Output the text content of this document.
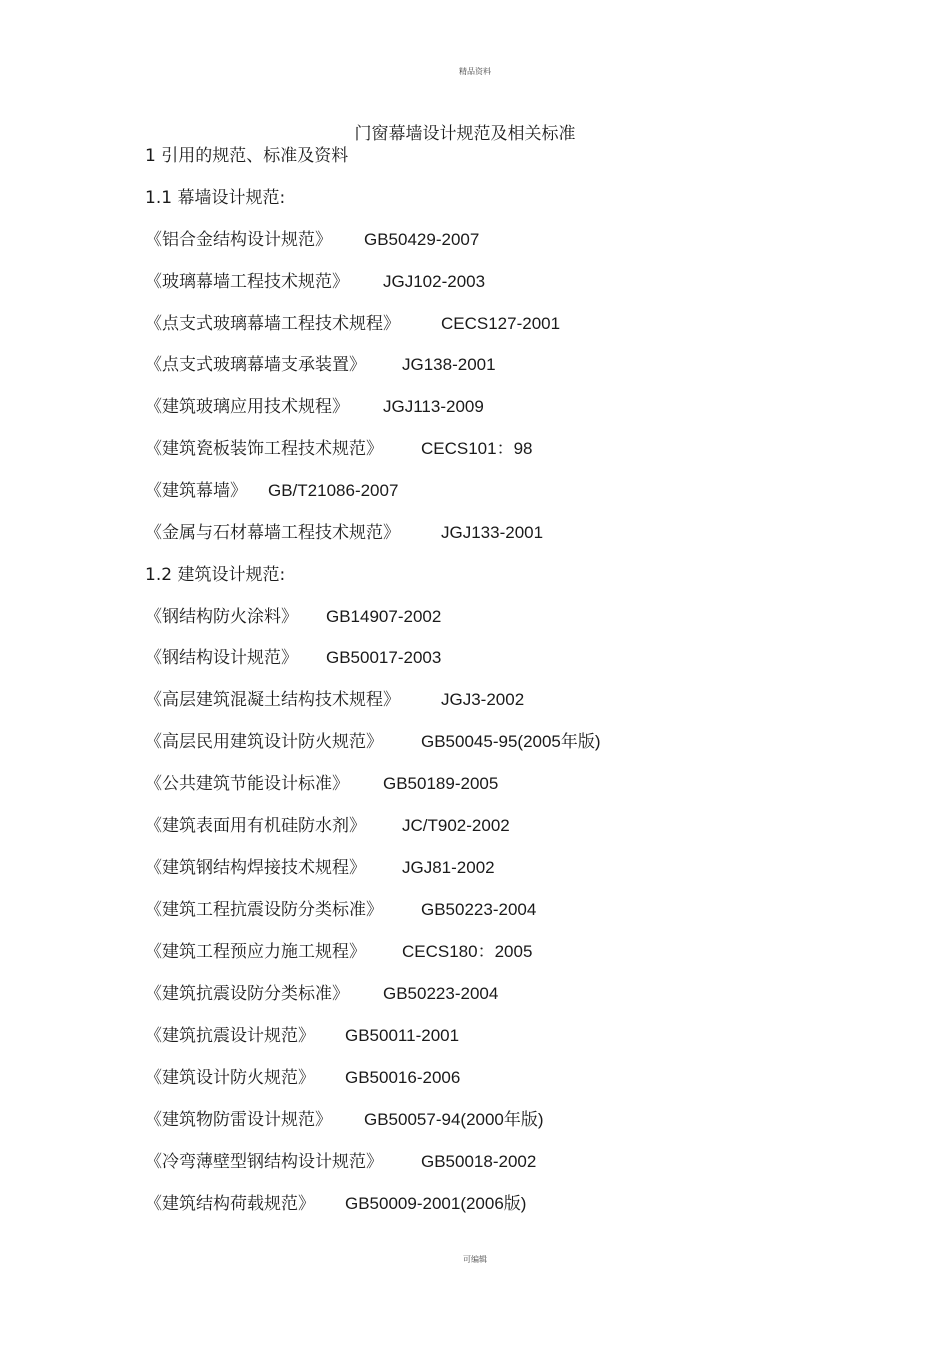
精品资料
门窗幕墙设计规范及相关标准
1 引用的规范、标准及资料
1.1 幕墙设计规范:
《铝合金结构设计规范》 GB50429-2007
《玻璃幕墙工程技术规范》 JGJ102-2003
《点支式玻璃幕墙工程技术规程》 CECS127-2001
《点支式玻璃幕墙支承装置》 JG138-2001
《建筑玻璃应用技术规程》 JGJ113-2009
《建筑瓷板装饰工程技术规范》 CECS101：98
《建筑幕墙》 GB/T21086-2007
《金属与石材幕墙工程技术规范》 JGJ133-2001
1.2 建筑设计规范:
《钢结构防火涂料》 GB14907-2002
《钢结构设计规范》 GB50017-2003
《高层建筑混凝土结构技术规程》 JGJ3-2002
《高层民用建筑设计防火规范》 GB50045-95(2005年版)
《公共建筑节能设计标准》 GB50189-2005
《建筑表面用有机硅防水剂》 JC/T902-2002
《建筑钢结构焊接技术规程》 JGJ81-2002
《建筑工程抗震设防分类标准》 GB50223-2004
《建筑工程预应力施工规程》 CECS180：2005
《建筑抗震设防分类标准》 GB50223-2004
《建筑抗震设计规范》 GB50011-2001
《建筑设计防火规范》 GB50016-2006
《建筑物防雷设计规范》 GB50057-94(2000年版)
《冷弯薄壁型钢结构设计规范》 GB50018-2002
《建筑结构荷载规范》 GB50009-2001(2006版)
可编辑
